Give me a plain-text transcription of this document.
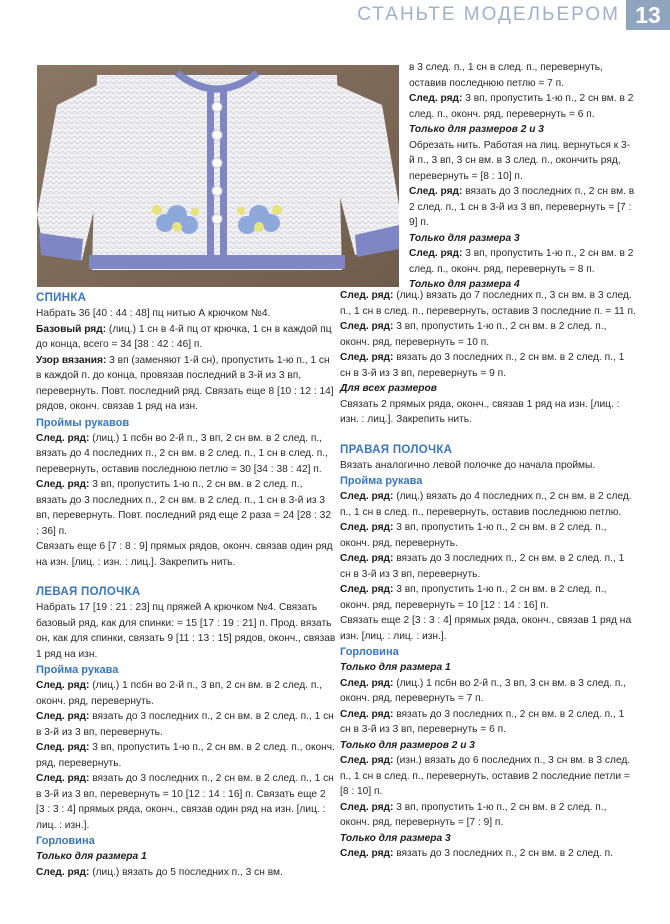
СТАНЬТЕ МОДЕЛЬЕРОМ 13
СПИНКА
Набрать 36 [40 : 44 : 48] пц нитью А крючком №4.
Базовый ряд: (лиц.) 1 сн в 4-й пц от крючка, 1 сн в каждой пц до конца, всего = 34 [38 : 42 : 46] п.
Узор вязания: 3 вп (заменяют 1-й сн), пропустить 1-ю п., 1 сн в каждой п. до конца, провязав последний в 3-й из 3 вп, перевернуть. Повт. последний ряд. Связать еще 8 [10 : 12 : 14] рядов, оконч. связав 1 ряд на изн.
Проймы рукавов
След. ряд: (лиц.) 1 псбн во 2-й п., 3 вп, 2 сн вм. в 2 след. п., вязать до 4 последних п., 2 сн вм. в 2 след. п., 1 сн в след. п., перевернуть, оставив последнюю петлю = 30 [34 : 38 : 42] п.
След. ряд: 3 вп, пропустить 1-ю п., 2 сн вм. в 2 след. п., вязать до 3 последних п., 2 сн вм. в 2 след. п., 1 сн в 3-й из 3 вп, перевернуть. Повт. последний ряд еще 2 раза = 24 [28 : 32 : 36] п.
Связать еще 6 [7 : 8 : 9] прямых рядов, оконч. связав один ряд на изн. [лиц. : изн. : лиц.]. Закрепить нить.
ЛЕВАЯ ПОЛОЧКА
Набрать 17 [19 : 21 : 23] пц пряжей А крючком №4. Связать базовый ряд, как для спинки: = 15 [17 : 19 : 21] п. Прод. вязать он, как для спинки, связать 9 [11 : 13 : 15] рядов, оконч., связав 1 ряд на изн.
Пройма рукава
След. ряд: (лиц.) 1 псбн во 2-й п., 3 вп, 2 сн вм. в 2 след. п., оконч. ряд, перевернуть.
След. ряд: вязать до 3 последних п., 2 сн вм. в 2 след. п., 1 сн в 3-й из 3 вп, перевернуть.
След. ряд: 3 вп, пропустить 1-ю п., 2 сн вм. в 2 след. п., оконч. ряд, перевернуть.
След. ряд: вязать до 3 последних п., 2 сн вм. в 2 след. п., 1 сн в 3-й из 3 вп, перевернуть = 10 [12 : 14 : 16] п. Связать еще 2 [3 : 3 : 4] прямых ряда, оконч., связав один ряд на изн. [лиц. : лиц. : изн.].
Горловина
Только для размера 1
След. ряд: (лиц.) вязать до 5 последних п., 3 сн вм.
в 3 след. п., 1 сн в след. п., перевернуть, оставив последнюю петлю = 7 п.
След. ряд: 3 вп, пропустить 1-ю п., 2 сн вм. в 2 след. п., оконч. ряд, перевернуть = 6 п.
Только для размеров 2 и 3
Обрезать нить. Работая на лиц. вернуться к 3-й п., 3 вп, 3 сн вм. в 3 след. п., окончить ряд, перевернуть = [8 : 10] п.
След. ряд: вязать до 3 последних п., 2 сн вм. в 2 след. п., 1 сн в 3-й из 3 вп, перевернуть = [7 : 9] п.
Только для размера 3
След. ряд: 3 вп, пропустить 1-ю п., 2 сн вм. в 2 след. п., оконч. ряд, перевернуть = 8 п.
Только для размера 4
След. ряд: (лиц.) вязать до 7 последних п., 3 сн вм. в 3 след. п., 1 сн в след. п., перевернуть, оставив 3 последние п. = 11 п.
След. ряд: 3 вп, пропустить 1-ю п., 2 сн вм. в 2 след. п., оконч. ряд, перевернуть = 10 п.
След. ряд: вязать до 3 последних п., 2 сн вм. в 2 след. п., 1 сн в 3-й из 3 вп, перевернуть = 9 п.
Для всех размеров
Связать 2 прямых ряда, оконч., связав 1 ряд на изн. [лиц. : изн. : лиц.]. Закрепить нить.
ПРАВАЯ ПОЛОЧКА
Вязать аналогично левой полочке до начала проймы.
Пройма рукава
След. ряд: (лиц.) вязать до 4 последних п., 2 сн вм. в 2 след. п., 1 сн в след. п., перевернуть, оставив последнюю петлю.
След. ряд: 3 вп, пропустить 1-ю п., 2 сн вм. в 2 след. п., оконч. ряд, перевернуть.
След. ряд: вязать до 3 последних п., 2 сн вм. в 2 след. п., 1 сн в 3-й из 3 вп, перевернуть.
След. ряд: 3 вп, пропустить 1-ю п., 2 сн вм. в 2 след. п., оконч. ряд, перевернуть = 10 [12 : 14 : 16] п.
Связать еще 2 [3 : 3 : 4] прямых ряда, оконч., связав 1 ряд на изн. [лиц. : лиц. : изн.].
Горловина
Только для размера 1
След. ряд: (лиц.) 1 псбн во 2-й п., 3 вп, 3 сн вм. в 3 след. п., оконч. ряд, перевернуть = 7 п.
След. ряд: вязать до 3 последних п., 2 сн вм. в 2 след. п., 1 сн в 3-й из 3 вп, перевернуть = 6 п.
Только для размеров 2 и 3
След. ряд: (изн.) вязать до 6 последних п., 3 сн вм. в 3 след. п., 1 сн в след. п., перевернуть, оставив 2 последние петли = [8 : 10] п.
След. ряд: 3 вп, пропустить 1-ю п., 2 сн вм. в 2 след. п., оконч. ряд, перевернуть = [7 : 9] п.
Только для размера 3
След. ряд: вязать до 3 последних п., 2 сн вм. в 2 след. п.
